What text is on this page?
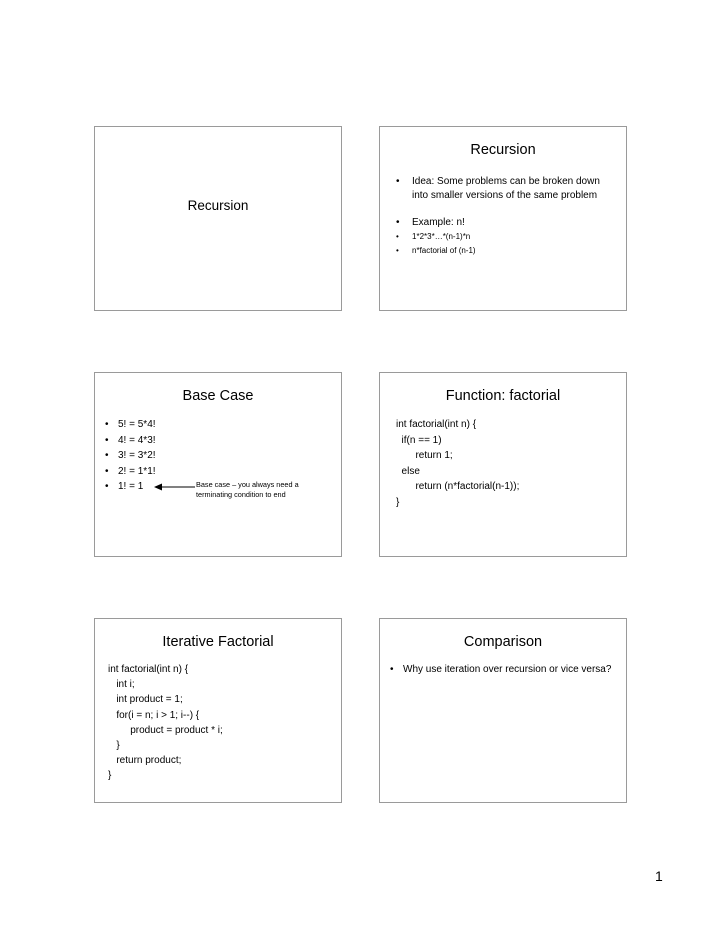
Recursion
Recursion
• Idea: Some problems can be broken down into smaller versions of the same problem
• Example: n!
• 1*2*3*…*(n-1)*n
• n*factorial of (n-1)
Base Case
• 5! = 5*4!
• 4! = 4*3!
• 3! = 3*2!
• 2! = 1*1!
• 1! = 1	Base case – you always need a terminating condition to end
Function: factorial
int factorial(int n) {
if(n == 1)
return 1;
else
return (n*factorial(n-1));
}
Iterative Factorial
int factorial(int n) {
int i;
int product = 1;
for(i = n; i > 1; i--) {
product = product * i;
}
return product;
}
Comparison
• Why use iteration over recursion or vice versa?
1
